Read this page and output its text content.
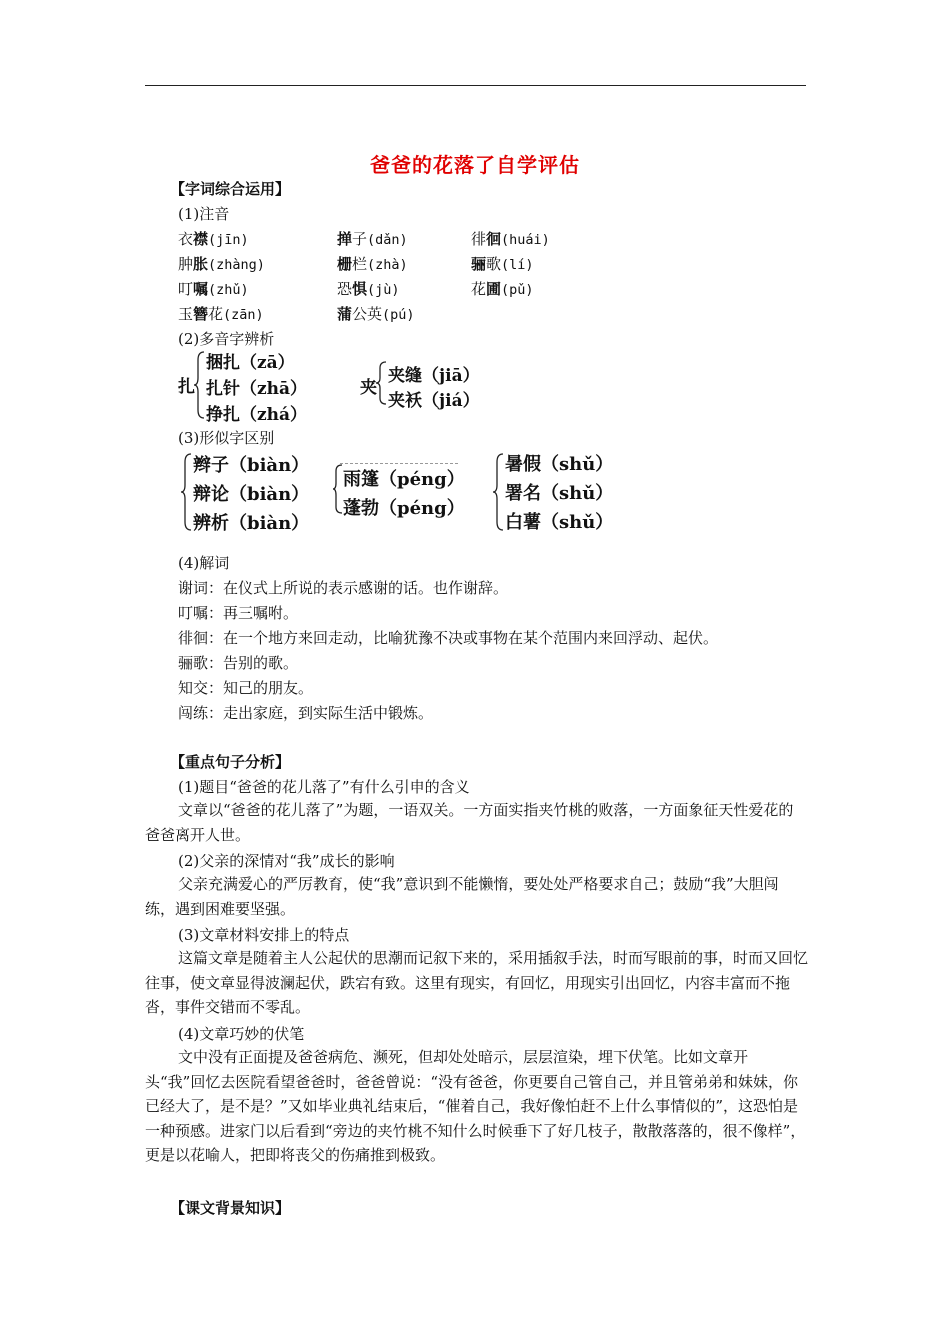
爸爸的花落了自学评估
【字词综合运用】
(1)注音
衣襟(jīn)	掸子(dǎn)	徘徊(huái)
肿胀(zhàng)	栅栏(zhà)	骊歌(lí)
叮嘱(zhǔ)	恐惧(jù)	花圃(pǔ)
玉簪花(zān)	蒲公英(pú)
(2)多音字辨析
扎
捆扎（zā）
扎针（zhā）
挣扎（zhá）
夹
夹缝（jiā）
夹袄（jiá）
(3)形似字区别
辫子（biàn）
辩论（biàn）
辨析（biàn）
雨篷（péng）
蓬勃（péng）
暑假（shǔ）
署名（shǔ）
白薯（shǔ）
(4)解词
谢词：在仪式上所说的表示感谢的话。也作谢辞。
叮嘱：再三嘱咐。
徘徊：在一个地方来回走动，比喻犹豫不决或事物在某个范围内来回浮动、起伏。
骊歌：告别的歌。
知交：知己的朋友。
闯练：走出家庭，到实际生活中锻炼。
【重点句子分析】
(1)题目“爸爸的花儿落了”有什么引申的含义

文章以“爸爸的花儿落了”为题，一语双关。一方面实指夹竹桃的败落，一方面象征天性爱花的爸爸离开人世。

(2)父亲的深情对“我”成长的影响

父亲充满爱心的严厉教育，使“我”意识到不能懒惰，要处处严格要求自己；鼓励“我”大胆闯练，遇到困难要坚强。

(3)文章材料安排上的特点

这篇文章是随着主人公起伏的思潮而记叙下来的，采用插叙手法，时而写眼前的事，时而又回忆往事，使文章显得波澜起伏，跌宕有致。这里有现实，有回忆，用现实引出回忆，内容丰富而不拖沓，事件交错而不零乱。

(4)文章巧妙的伏笔

文中没有正面提及爸爸病危、濒死，但却处处暗示，层层渲染，埋下伏笔。比如文章开头“我”回忆去医院看望爸爸时，爸爸曾说：“没有爸爸，你更要自己管自己，并且管弟弟和妹妹，你已经大了，是不是？”又如毕业典礼结束后，“催着自己，我好像怕赶不上什么事情似的”，这恐怕是一种预感。进家门以后看到“旁边的夹竹桃不知什么时候垂下了好几枝子，散散落落的，很不像样”，更是以花喻人，把即将丧父的伤痛推到极致。

【课文背景知识】
